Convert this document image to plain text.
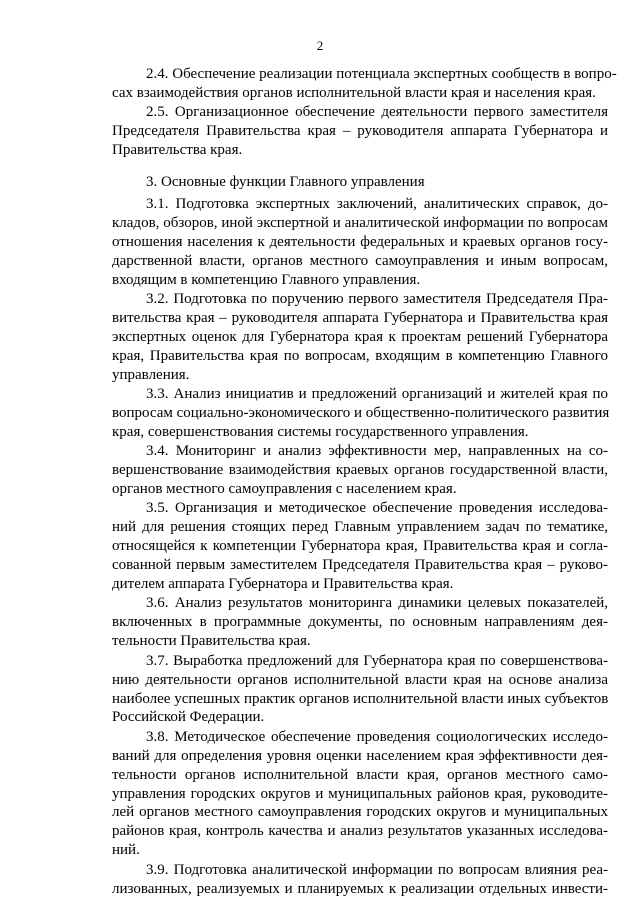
2
2.4. Обеспечение реализации потенциала экспертных сообществ в вопро-
сах взаимодействия органов исполнительной власти края и населения края.
2.5. Организационное обеспечение деятельности первого заместителя
Председателя Правительства края – руководителя аппарата Губернатора и
Правительства края.
3. Основные функции Главного управления
3.1. Подготовка экспертных заключений, аналитических справок, до-
кладов, обзоров, иной экспертной и аналитической информации по вопросам
отношения населения к деятельности федеральных и краевых органов госу-
дарственной власти, органов местного самоуправления и иным вопросам,
входящим в компетенцию Главного управления.
3.2. Подготовка по поручению первого заместителя Председателя Пра-
вительства края – руководителя аппарата Губернатора и Правительства края
экспертных оценок для Губернатора края к проектам решений Губернатора
края, Правительства края по вопросам, входящим в компетенцию Главного
управления.
3.3. Анализ инициатив и предложений организаций и жителей края по
вопросам социально-экономического и общественно-политического развития
края, совершенствования системы государственного управления.
3.4. Мониторинг и анализ эффективности мер, направленных на со-
вершенствование взаимодействия краевых органов государственной власти,
органов местного самоуправления с населением края.
3.5. Организация и методическое обеспечение проведения исследова-
ний для решения стоящих перед Главным управлением задач по тематике,
относящейся к компетенции Губернатора края, Правительства края и согла-
сованной первым заместителем Председателя Правительства края – руково-
дителем аппарата Губернатора и Правительства края.
3.6. Анализ результатов мониторинга динамики целевых показателей,
включенных в программные документы, по основным направлениям дея-
тельности Правительства края.
3.7. Выработка предложений для Губернатора края по совершенствова-
нию деятельности органов исполнительной власти края на основе анализа
наиболее успешных практик органов исполнительной власти иных субъектов
Российской Федерации.
3.8. Методическое обеспечение проведения социологических исследо-
ваний для определения уровня оценки населением края эффективности дея-
тельности органов исполнительной власти края, органов местного само-
управления городских округов и муниципальных районов края, руководите-
лей органов местного самоуправления городских округов и муниципальных
районов края, контроль качества и анализ результатов указанных исследова-
ний.
3.9. Подготовка аналитической информации по вопросам влияния реа-
лизованных, реализуемых и планируемых к реализации отдельных инвести-
